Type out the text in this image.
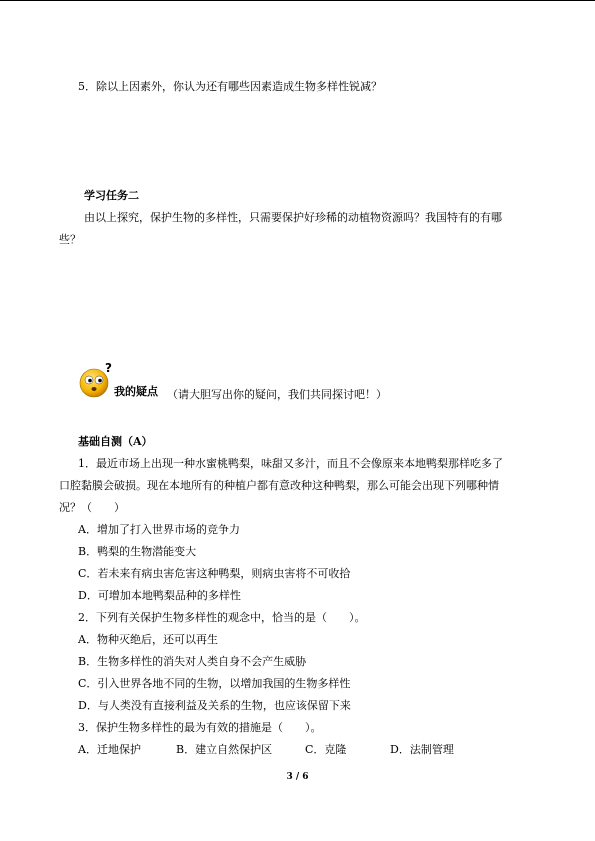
5．除以上因素外，你认为还有哪些因素造成生物多样性锐减？
学习任务二
由以上探究，保护生物的多样性，只需要保护好珍稀的动植物资源吗？我国特有的有哪
些？
?
我的疑点 （请大胆写出你的疑问，我们共同探讨吧！）
基础自测（A）
1．最近市场上出现一种水蜜桃鸭梨，味甜又多汁，而且不会像原来本地鸭梨那样吃多了
口腔黏膜会破损。现在本地所有的种植户都有意改种这种鸭梨，那么可能会出现下列哪种情
况？（　　）
A．增加了打入世界市场的竞争力
B．鸭梨的生物潜能变大
C．若未来有病虫害危害这种鸭梨，则病虫害将不可收拾
D．可增加本地鸭梨品种的多样性
2．下列有关保护生物多样性的观念中，恰当的是（　　）。
A．物种灭绝后，还可以再生
B．生物多样性的消失对人类自身不会产生威胁
C．引入世界各地不同的生物，以增加我国的生物多样性
D．与人类没有直接利益及关系的生物，也应该保留下来
3．保护生物多样性的最为有效的措施是（　　）。
A．迁地保护	B．建立自然保护区	C．克隆	D．法制管理
3 / 6
